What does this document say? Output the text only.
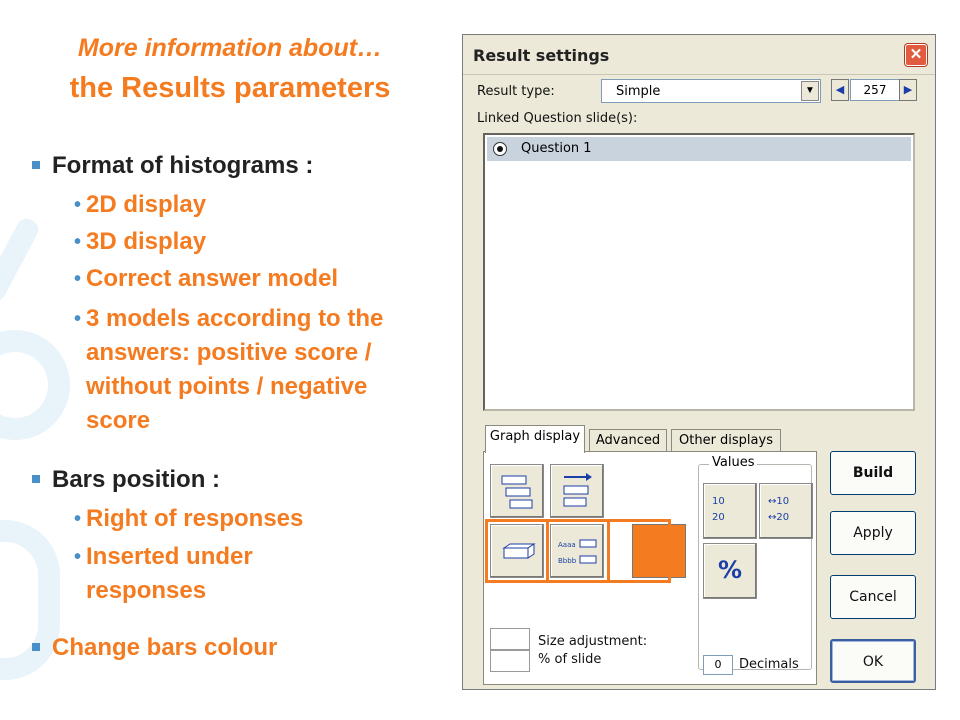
More information about…
the Results parameters
Format of histograms :
• 2D display
• 3D display
• Correct answer model
• 3 models according to the answers: positive score / without points / negative score
Bars position :
• Right of responses
• Inserted under responses
Change bars colour
Result settings	✕
Result type:	Simple	▼	◀	257	▶
Linked Question slide(s):
Question 1
Graph display	Advanced	Other displays
Aaaa
Bbbb
Values
10
20
↔10
↔20
%
0	Decimals
Size adjustment:
% of slide
Build
Apply
Cancel
OK
